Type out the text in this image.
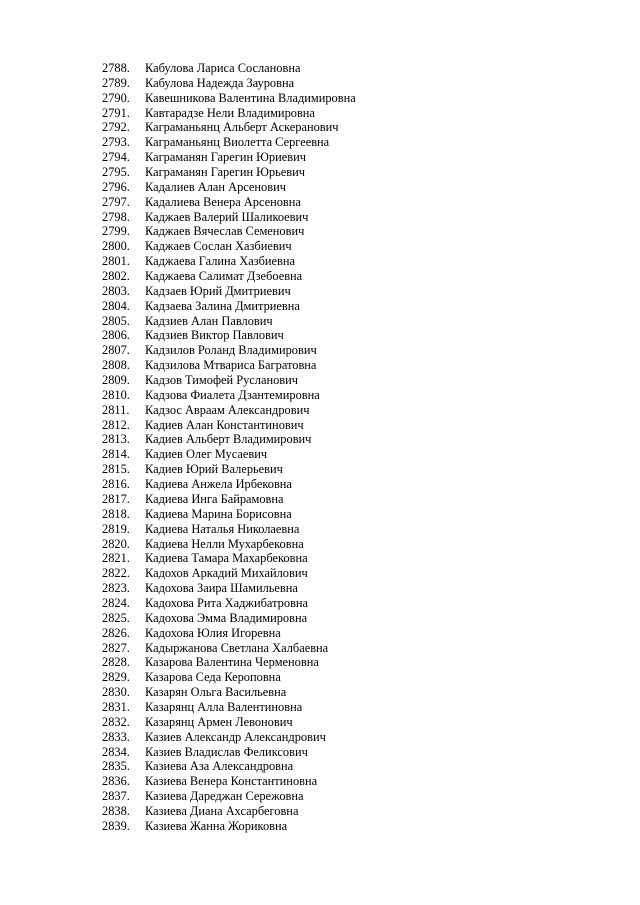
2788.	Кабулова Лариса Сослановна
2789.	Кабулова Надежда Зауровна
2790.	Кавешникова Валентина Владимировна
2791.	Кавтарадзе Нели Владимировна
2792.	Каграманьянц Альберт Аскеранович
2793.	Каграманьянц Виолетта Сергеевна
2794.	Каграманян Гарегин Юриевич
2795.	Каграманян Гарегин Юрьевич
2796.	Кадалиев Алан Арсенович
2797.	Кадалиева Венера Арсеновна
2798.	Каджаев Валерий Шаликоевич
2799.	Каджаев Вячеслав Семенович
2800.	Каджаев Сослан Хазбиевич
2801.	Каджаева Галина Хазбиевна
2802.	Каджаева Салимат Дзебоевна
2803.	Кадзаев Юрий Дмитриевич
2804.	Кадзаева Залина Дмитриевна
2805.	Кадзиев Алан Павлович
2806.	Кадзиев Виктор Павлович
2807.	Кадзилов Роланд Владимирович
2808.	Кадзилова Мтвариса Багратовна
2809.	Кадзов Тимофей Русланович
2810.	Кадзова Фиалета Дзантемировна
2811.	Кадзос Авраам Александрович
2812.	Кадиев Алан Константинович
2813.	Кадиев Альберт Владимирович
2814.	Кадиев Олег Мусаевич
2815.	Кадиев Юрий Валерьевич
2816.	Кадиева Анжела Ирбековна
2817.	Кадиева Инга Байрамовна
2818.	Кадиева Марина Борисовна
2819.	Кадиева Наталья Николаевна
2820.	Кадиева Нелли Мухарбековна
2821.	Кадиева Тамара Махарбековна
2822.	Кадохов Аркадий Михайлович
2823.	Кадохова Заира Шамильевна
2824.	Кадохова Рита Хаджибатровна
2825.	Кадохова Эмма Владимировна
2826.	Кадохова Юлия Игоревна
2827.	Кадыржанова Светлана Халбаевна
2828.	Казарова Валентина Черменовна
2829.	Казарова Седа Кероповна
2830.	Казарян Ольга Васильевна
2831.	Казарянц Алла Валентиновна
2832.	Казарянц Армен Левонович
2833.	Казиев Александр Александрович
2834.	Казиев Владислав Феликсович
2835.	Казиева Аза Александровна
2836.	Казиева Венера Константиновна
2837.	Казиева Дареджан Сережовна
2838.	Казиева Диана Ахсарбеговна
2839.	Казиева Жанна Жориковна
